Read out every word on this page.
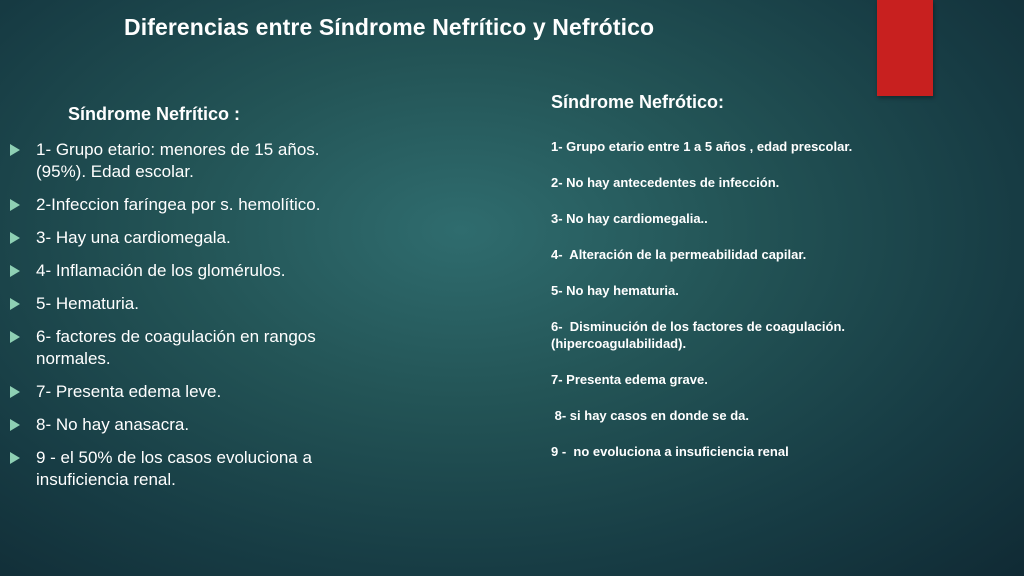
Diferencias entre Síndrome Nefrítico y Nefrótico
Síndrome Nefrítico :
1- Grupo etario: menores de 15 años.(95%). Edad escolar.
2-Infeccion faríngea por s. hemolítico.
3- Hay una cardiomegala.
4- Inflamación de los glomérulos.
5- Hematuria.
6- factores de coagulación en rangos normales.
7- Presenta edema leve.
8- No hay anasacra.
9 - el 50% de los casos evoluciona a insuficiencia renal.
Síndrome Nefrótico:
1- Grupo etario entre 1 a 5 años , edad prescolar.
2- No hay antecedentes de infección.
3- No hay cardiomegalia..
4-  Alteración de la permeabilidad capilar.
5- No hay hematuria.
6-  Disminución de los factores de coagulación. (hipercoagulabilidad).
7- Presenta edema grave.
8- si hay casos en donde se da.
9 -  no evoluciona a insuficiencia renal
